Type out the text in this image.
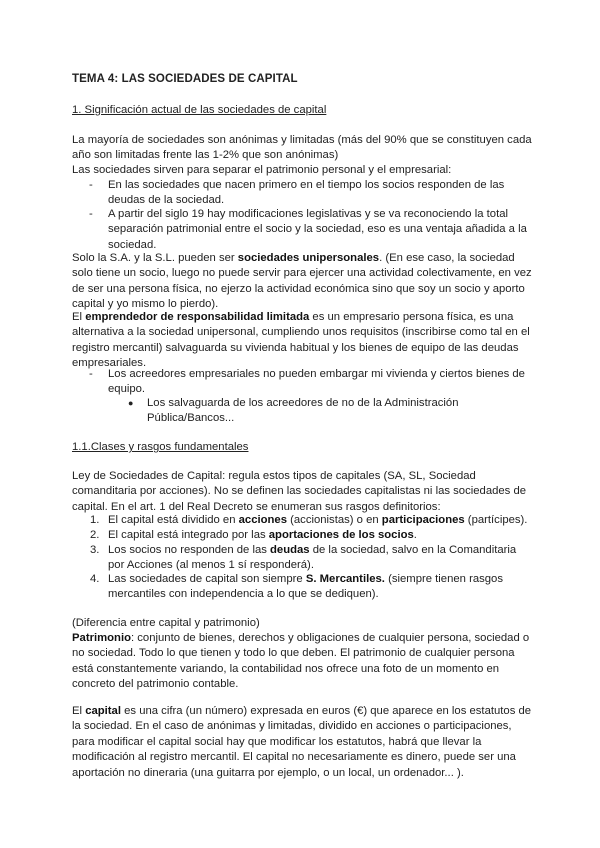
TEMA 4: LAS SOCIEDADES DE CAPITAL
1. Significación actual de las sociedades de capital
La mayoría de sociedades son anónimas y limitadas (más del 90% que se constituyen cada año son limitadas frente las 1-2% que son anónimas)
Las sociedades sirven para separar el patrimonio personal y el empresarial:
- En las sociedades que nacen primero en el tiempo los socios responden de las deudas de la sociedad.
- A partir del siglo 19 hay modificaciones legislativas y se va reconociendo la total separación patrimonial entre el socio y la sociedad, eso es una ventaja añadida a la sociedad.
Solo la S.A. y la S.L. pueden ser sociedades unipersonales. (En ese caso, la sociedad solo tiene un socio, luego no puede servir para ejercer una actividad colectivamente, en vez de ser una persona física, no ejerzo la actividad económica sino que soy un socio y aporto capital y yo mismo lo pierdo).
El emprendedor de responsabilidad limitada es un empresario persona física, es una alternativa a la sociedad unipersonal, cumpliendo unos requisitos (inscribirse como tal en el registro mercantil) salvaguarda su vivienda habitual y los bienes de equipo de las deudas empresariales.
- Los acreedores empresariales no pueden embargar mi vivienda y ciertos bienes de equipo.
● Los salvaguarda de los acreedores de no de la Administración Pública/Bancos...
1.1.Clases y rasgos fundamentales
Ley de Sociedades de Capital: regula estos tipos de capitales (SA, SL, Sociedad comanditaria por acciones). No se definen las sociedades capitalistas ni las sociedades de capital. En el art. 1 del Real Decreto se enumeran sus rasgos definitorios:
1. El capital está dividido en acciones (accionistas) o en participaciones (partícipes).
2. El capital está integrado por las aportaciones de los socios.
3. Los socios no responden de las deudas de la sociedad, salvo en la Comanditaria por Acciones (al menos 1 sí responderá).
4. Las sociedades de capital son siempre S. Mercantiles. (siempre tienen rasgos mercantiles con independencia a lo que se dediquen).
(Diferencia entre capital y patrimonio)
Patrimonio: conjunto de bienes, derechos y obligaciones de cualquier persona, sociedad o no sociedad. Todo lo que tienen y todo lo que deben. El patrimonio de cualquier persona está constantemente variando, la contabilidad nos ofrece una foto de un momento en concreto del patrimonio contable.
El capital es una cifra (un número) expresada en euros (€) que aparece en los estatutos de la sociedad. En el caso de anónimas y limitadas, dividido en acciones o participaciones, para modificar el capital social hay que modificar los estatutos, habrá que llevar la modificación al registro mercantil. El capital no necesariamente es dinero, puede ser una aportación no dineraria (una guitarra por ejemplo, o un local, un ordenador... ).
